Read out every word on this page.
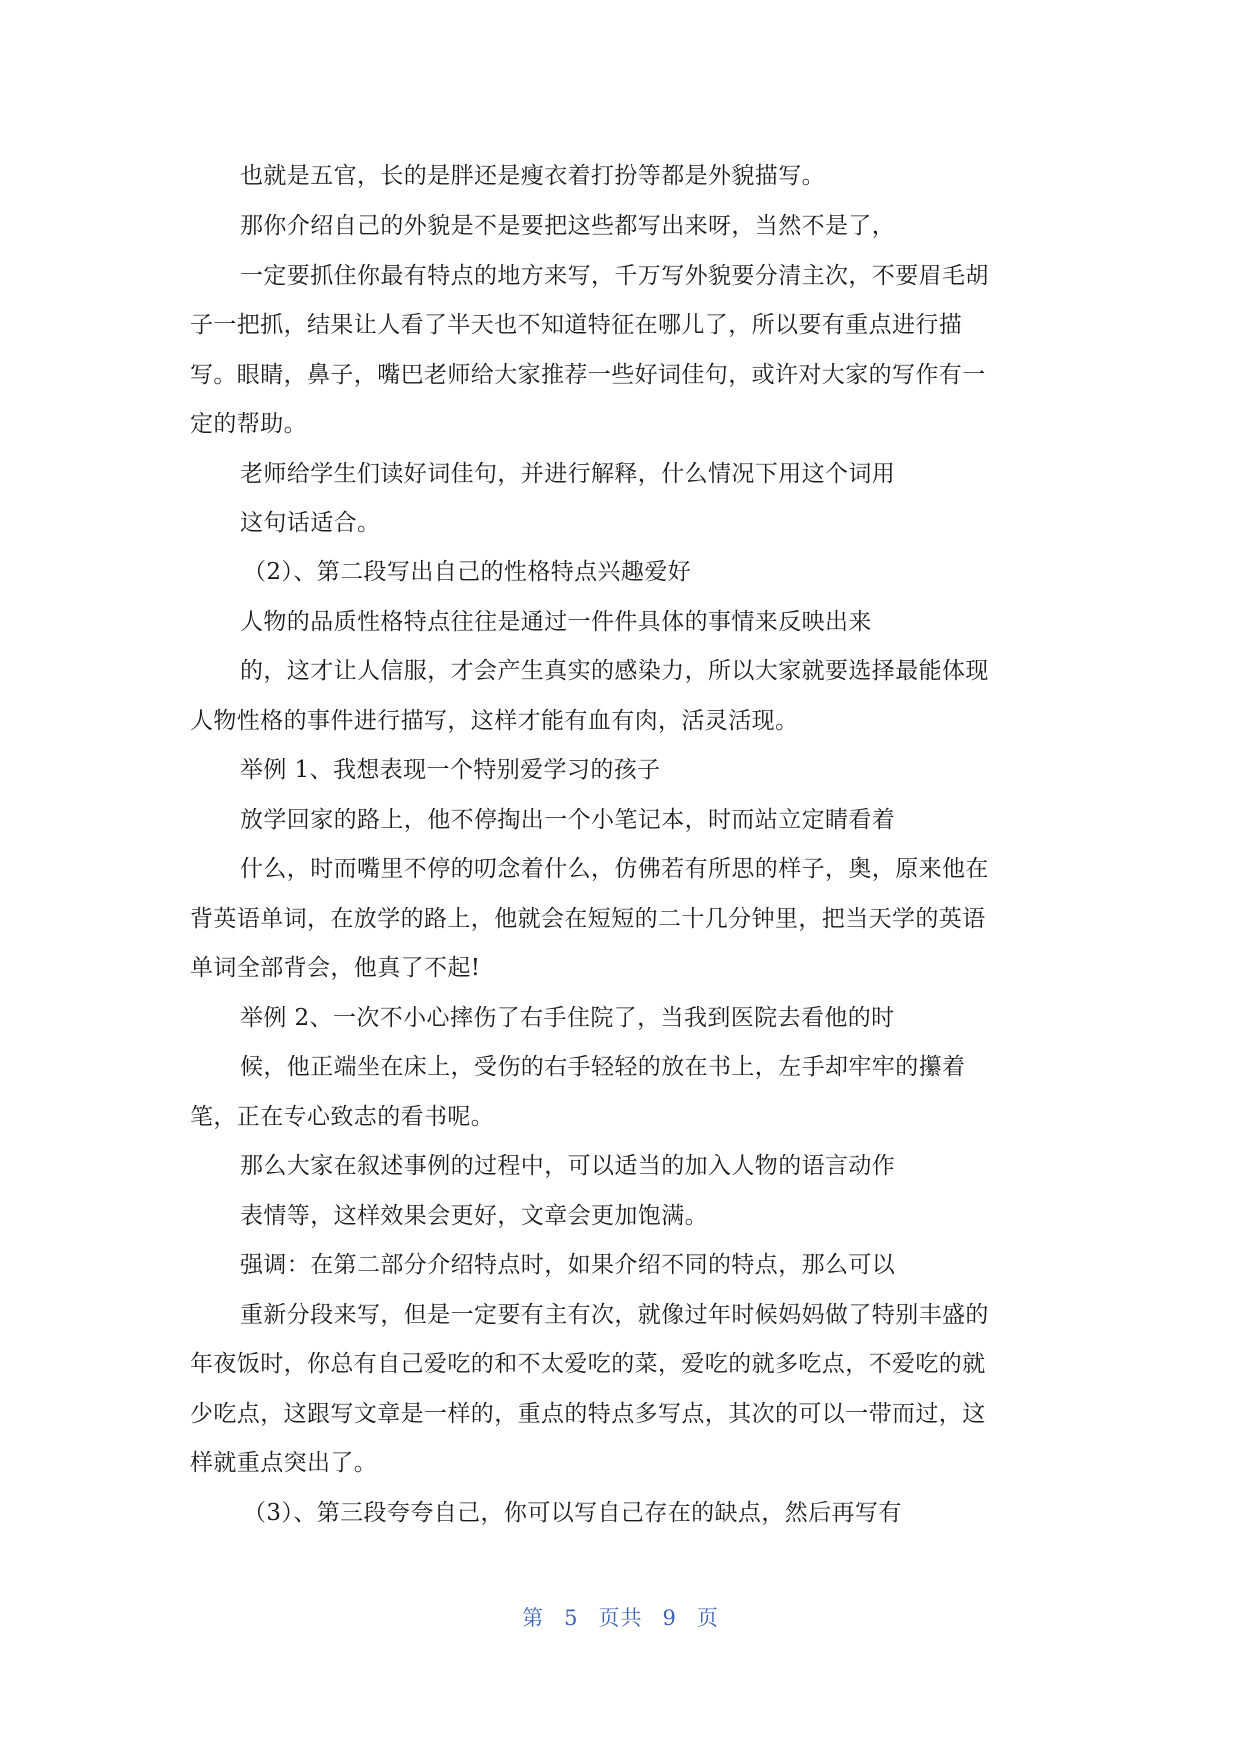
也就是五官，长的是胖还是瘦衣着打扮等都是外貌描写。
那你介绍自己的外貌是不是要把这些都写出来呀，当然不是了，
一定要抓住你最有特点的地方来写，千万写外貌要分清主次，不要眉毛胡
子一把抓，结果让人看了半天也不知道特征在哪儿了，所以要有重点进行描
写。眼睛，鼻子，嘴巴老师给大家推荐一些好词佳句，或许对大家的写作有一
定的帮助。
老师给学生们读好词佳句，并进行解释，什么情况下用这个词用
这句话适合。
（2）、第二段写出自己的性格特点兴趣爱好
人物的品质性格特点往往是通过一件件具体的事情来反映出来
的，这才让人信服，才会产生真实的感染力，所以大家就要选择最能体现
人物性格的事件进行描写，这样才能有血有肉，活灵活现。
举例 1、我想表现一个特别爱学习的孩子
放学回家的路上，他不停掏出一个小笔记本，时而站立定睛看着
什么，时而嘴里不停的叨念着什么，仿佛若有所思的样子，奥，原来他在
背英语单词，在放学的路上，他就会在短短的二十几分钟里，把当天学的英语
单词全部背会，他真了不起!
举例 2、一次不小心摔伤了右手住院了，当我到医院去看他的时
候，他正端坐在床上，受伤的右手轻轻的放在书上，左手却牢牢的攥着
笔，正在专心致志的看书呢。
那么大家在叙述事例的过程中，可以适当的加入人物的语言动作
表情等，这样效果会更好，文章会更加饱满。
强调：在第二部分介绍特点时，如果介绍不同的特点，那么可以
重新分段来写，但是一定要有主有次，就像过年时候妈妈做了特别丰盛的
年夜饭时，你总有自己爱吃的和不太爱吃的菜，爱吃的就多吃点，不爱吃的就
少吃点，这跟写文章是一样的，重点的特点多写点，其次的可以一带而过，这
样就重点突出了。
（3）、第三段夸夸自己，你可以写自己存在的缺点，然后再写有
第 5 页共 9 页
